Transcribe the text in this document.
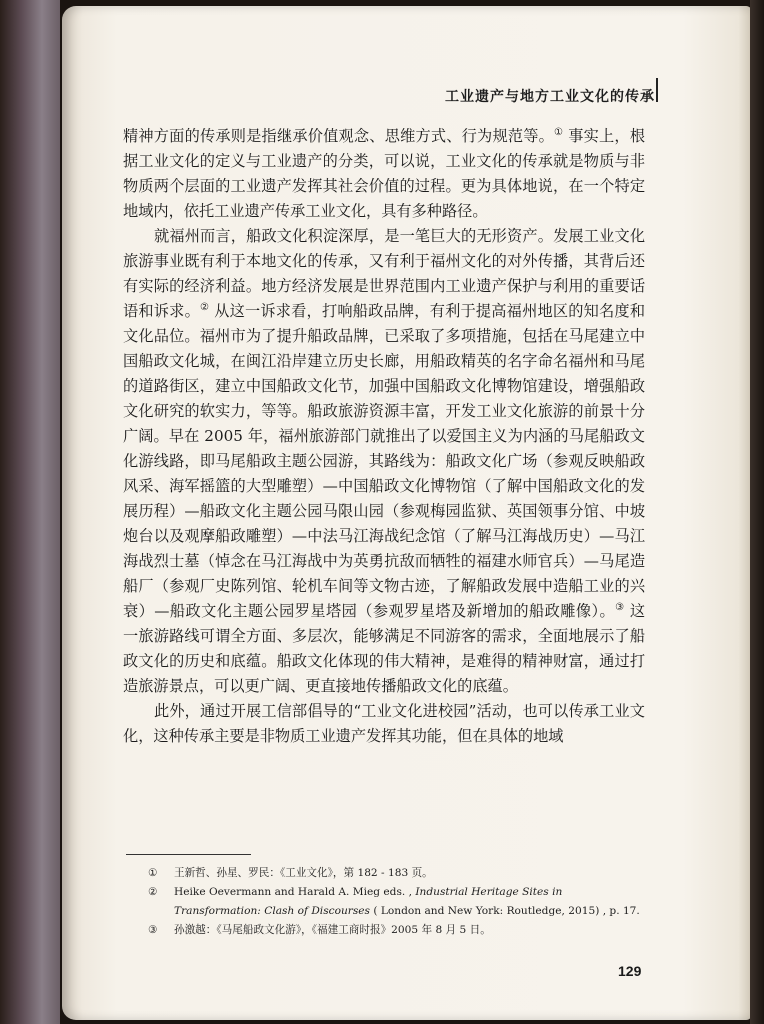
工业遗产与地方工业文化的传承

精神方面的传承则是指继承价值观念、思维方式、行为规范等。① 事实上，根据工业文化的定义与工业遗产的分类，可以说，工业文化的传承就是物质与非物质两个层面的工业遗产发挥其社会价值的过程。更为具体地说，在一个特定地域内，依托工业遗产传承工业文化，具有多种路径。

就福州而言，船政文化积淀深厚，是一笔巨大的无形资产。发展工业文化旅游事业既有利于本地文化的传承，又有利于福州文化的对外传播，其背后还有实际的经济利益。地方经济发展是世界范围内工业遗产保护与利用的重要话语和诉求。② 从这一诉求看，打响船政品牌，有利于提高福州地区的知名度和文化品位。福州市为了提升船政品牌，已采取了多项措施，包括在马尾建立中国船政文化城，在闽江沿岸建立历史长廊，用船政精英的名字命名福州和马尾的道路街区，建立中国船政文化节，加强中国船政文化博物馆建设，增强船政文化研究的软实力，等等。船政旅游资源丰富，开发工业文化旅游的前景十分广阔。早在 2005 年，福州旅游部门就推出了以爱国主义为内涵的马尾船政文化游线路，即马尾船政主题公园游，其路线为：船政文化广场（参观反映船政风采、海军摇篮的大型雕塑）—中国船政文化博物馆（了解中国船政文化的发展历程）—船政文化主题公园马限山园（参观梅园监狱、英国领事分馆、中坡炮台以及观摩船政雕塑）—中法马江海战纪念馆（了解马江海战历史）—马江海战烈士墓（悼念在马江海战中为英勇抗敌而牺牲的福建水师官兵）—马尾造船厂（参观厂史陈列馆、轮机车间等文物古迹，了解船政发展中造船工业的兴衰）—船政文化主题公园罗星塔园（参观罗星塔及新增加的船政雕像）。③ 这一旅游路线可谓全方面、多层次，能够满足不同游客的需求，全面地展示了船政文化的历史和底蕴。船政文化体现的伟大精神，是难得的精神财富，通过打造旅游景点，可以更广阔、更直接地传播船政文化的底蕴。

此外，通过开展工信部倡导的“工业文化进校园”活动，也可以传承工业文化，这种传承主要是非物质工业遗产发挥其功能，但在具体的地域

① 王新哲、孙星、罗民：《工业文化》，第 182 - 183 页。
② Heike Oevermann and Harald A. Mieg eds. , Industrial Heritage Sites in Transformation: Clash of Discourses ( London and New York: Routledge, 2015) , p. 17.
③ 孙激越：《马尾船政文化游》，《福建工商时报》2005 年 8 月 5 日。
129
